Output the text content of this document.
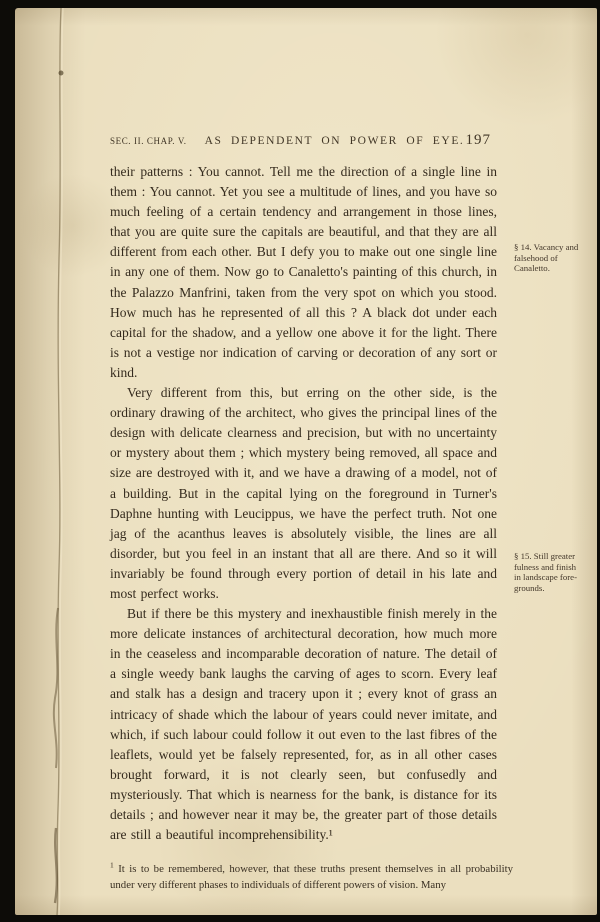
SEC. II. CHAP. V. AS DEPENDENT ON POWER OF EYE. 197

their patterns : You cannot. Tell me the direction of a single line in them : You cannot. Yet you see a multitude of lines, and you have so much feeling of a certain tendency and arrangement in those lines, that you are quite sure the capitals are beautiful, and that they are all different from each other. But I defy you to make out one single line in any one of them. Now go to Canaletto's painting of this church, in the Palazzo Manfrini, taken from the very spot on which you stood. How much has he represented of all this ? A black dot under each capital for the shadow, and a yellow one above it for the light. There is not a vestige nor indication of carving or decoration of any sort or kind.

Very different from this, but erring on the other side, is the ordinary drawing of the architect, who gives the principal lines of the design with delicate clearness and precision, but with no uncertainty or mystery about them ; which mystery being removed, all space and size are destroyed with it, and we have a drawing of a model, not of a building. But in the capital lying on the foreground in Turner's Daphne hunting with Leucippus, we have the perfect truth. Not one jag of the acanthus leaves is absolutely visible, the lines are all disorder, but you feel in an instant that all are there. And so it will invariably be found through every portion of detail in his late and most perfect works.

But if there be this mystery and inexhaustible finish merely in the more delicate instances of architectural decoration, how much more in the ceaseless and incomparable decoration of nature. The detail of a single weedy bank laughs the carving of ages to scorn. Every leaf and stalk has a design and tracery upon it ; every knot of grass an intricacy of shade which the labour of years could never imitate, and which, if such labour could follow it out even to the last fibres of the leaflets, would yet be falsely represented, for, as in all other cases brought forward, it is not clearly seen, but confusedly and mysteriously. That which is nearness for the bank, is distance for its details ; and however near it may be, the greater part of those details are still a beautiful incomprehensibility.¹

§ 14. Vacancy and falsehood of Canaletto.
§ 15. Still greater fulness and finish in landscape fore-grounds.
$^1$ It is to be remembered, however, that these truths present themselves in all probability under very different phases to individuals of different powers of vision. Many
